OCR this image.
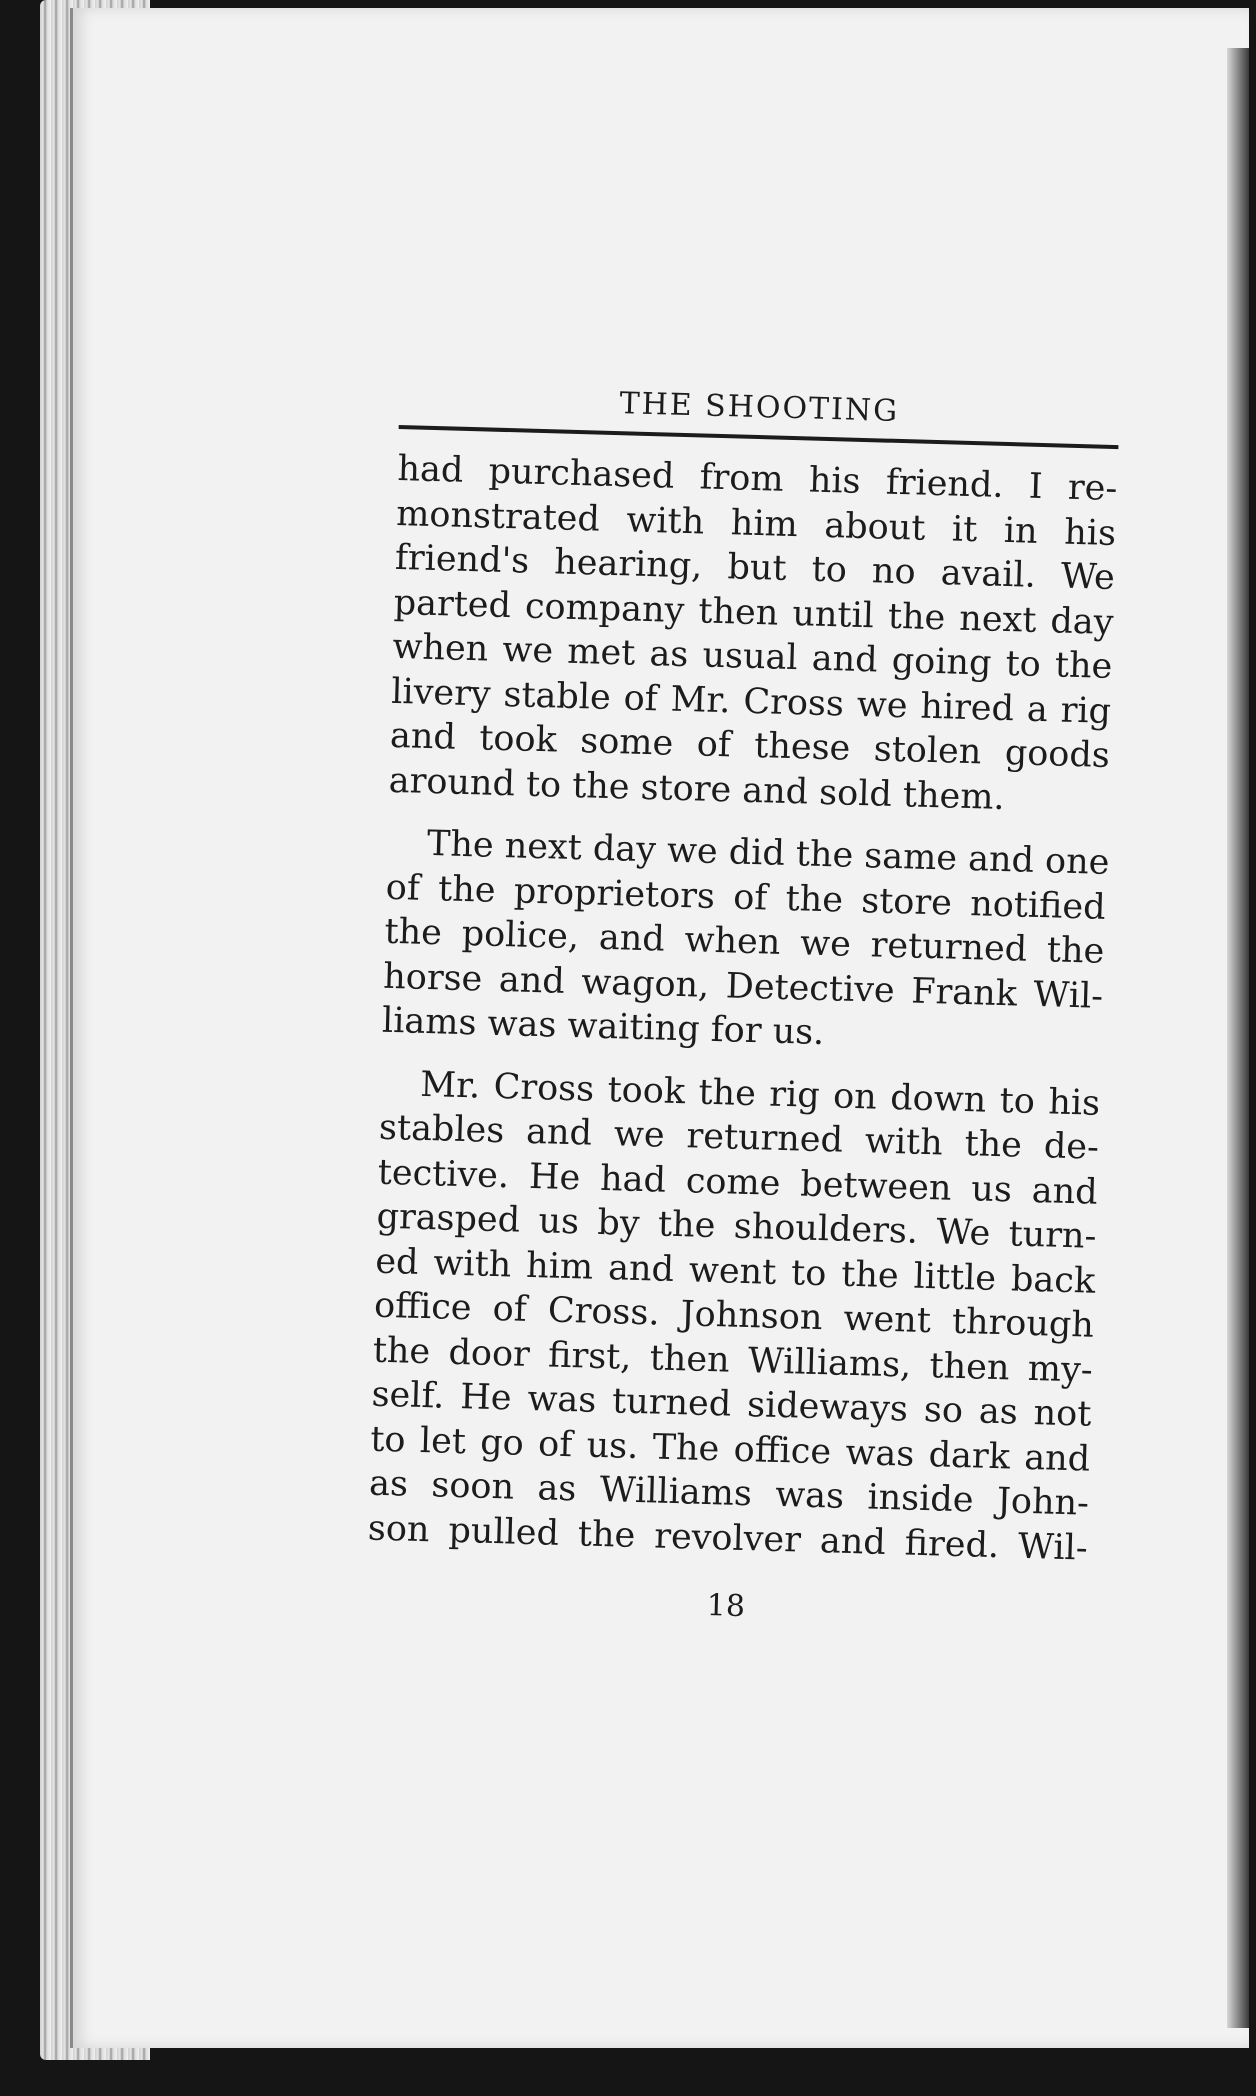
THE SHOOTING
had purchased from his friend. I re-
monstrated with him about it in his
friend's hearing, but to no avail. We
parted company then until the next day
when we met as usual and going to the
livery stable of Mr. Cross we hired a rig
and took some of these stolen goods
around to the store and sold them.
The next day we did the same and one
of the proprietors of the store notified
the police, and when we returned the
horse and wagon, Detective Frank Wil-
liams was waiting for us.
Mr. Cross took the rig on down to his
stables and we returned with the de-
tective. He had come between us and
grasped us by the shoulders. We turn-
ed with him and went to the little back
office of Cross. Johnson went through
the door first, then Williams, then my-
self. He was turned sideways so as not
to let go of us. The office was dark and
as soon as Williams was inside John-
son pulled the revolver and fired. Wil-
18
